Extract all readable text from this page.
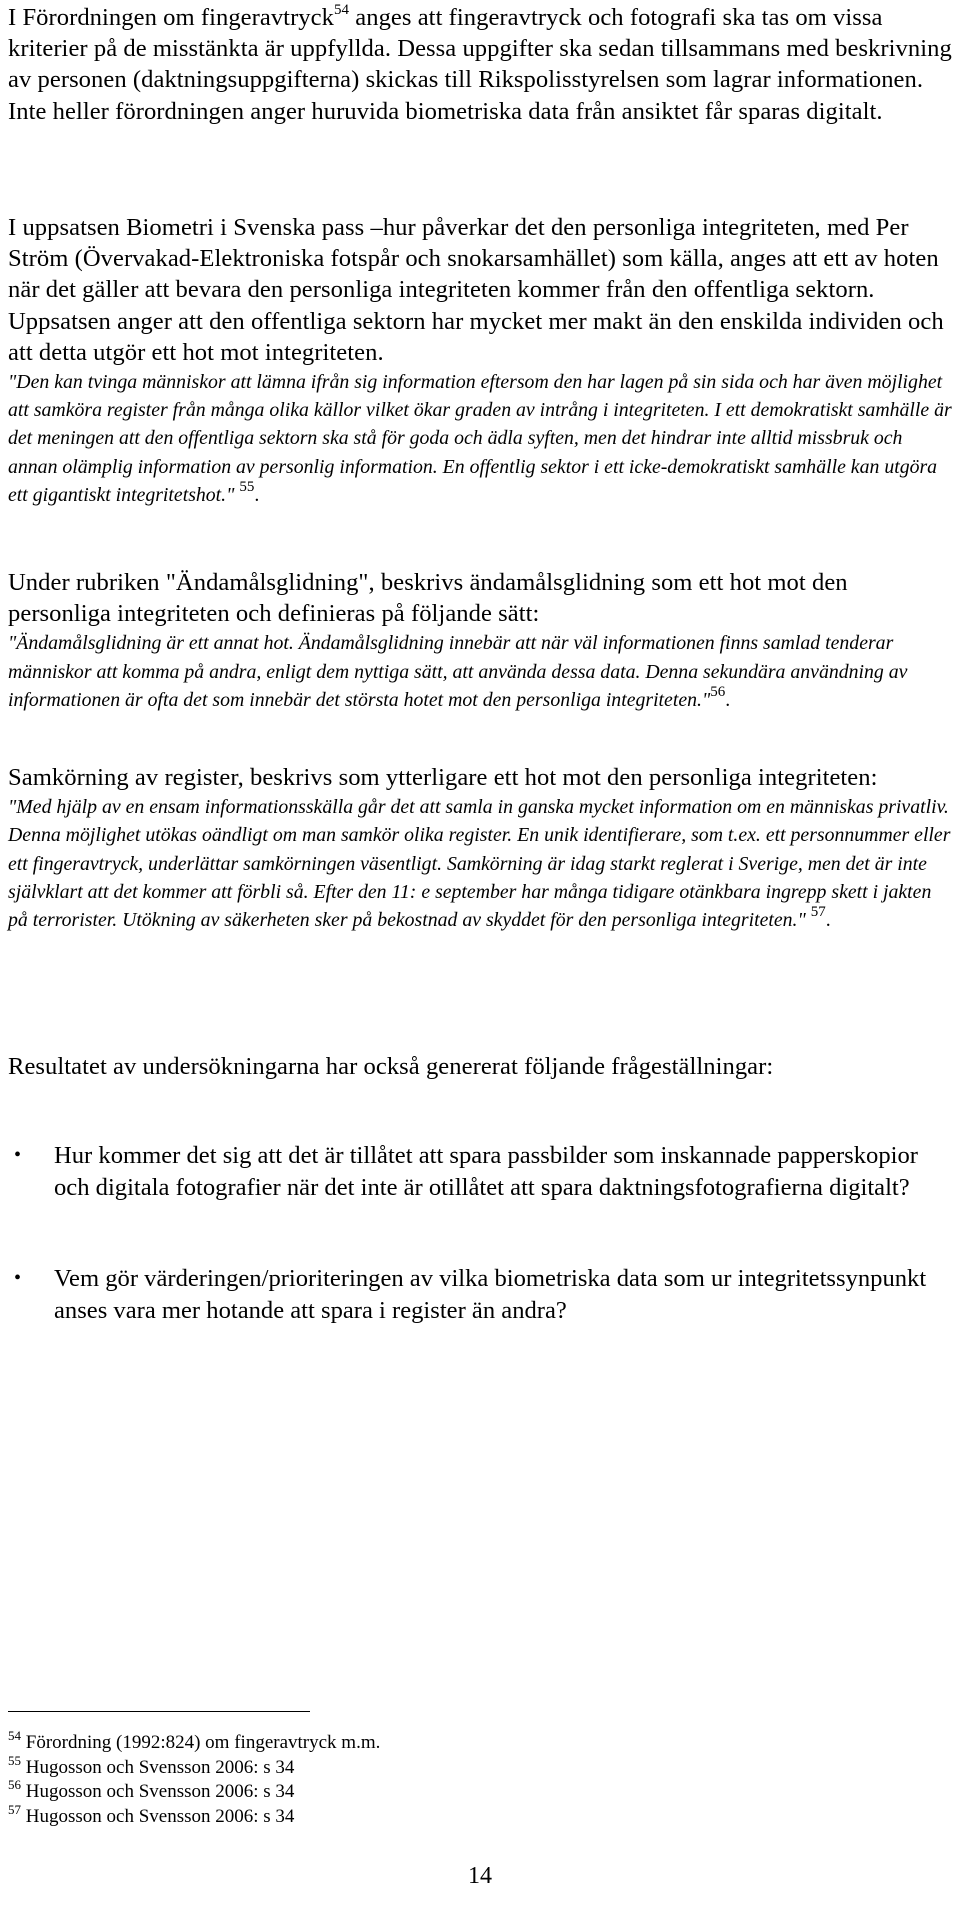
I Förordningen om fingeravtryck$^{54}$ anges att fingeravtryck och fotografi ska tas om vissa kriterier på de misstänkta är uppfyllda. Dessa uppgifter ska sedan tillsammans med beskrivning av personen (daktningsuppgifterna) skickas till Rikspolisstyrelsen som lagrar informationen. Inte heller förordningen anger huruvida biometriska data från ansiktet får sparas digitalt.

I uppsatsen Biometri i Svenska pass –hur påverkar det den personliga integriteten, med Per Ström (Övervakad-Elektroniska fotspår och snokarsamhället) som källa, anges att ett av hoten när det gäller att bevara den personliga integriteten kommer från den offentliga sektorn. Uppsatsen anger att den offentliga sektorn har mycket mer makt än den enskilda individen och att detta utgör ett hot mot integriteten.

"Den kan tvinga människor att lämna ifrån sig information eftersom den har lagen på sin sida och har även möjlighet att samköra register från många olika källor vilket ökar graden av intrång i integriteten. I ett demokratiskt samhälle är det meningen att den offentliga sektorn ska stå för goda och ädla syften, men det hindrar inte alltid missbruk och annan olämplig information av personlig information. En offentlig sektor i ett icke-demokratiskt samhälle kan utgöra ett gigantiskt integritetshot." $^{55}$.

Under rubriken "Ändamålsglidning", beskrivs ändamålsglidning som ett hot mot den personliga integriteten och definieras på följande sätt:

"Ändamålsglidning är ett annat hot. Ändamålsglidning innebär att när väl informationen finns samlad tenderar människor att komma på andra, enligt dem nyttiga sätt, att använda dessa data. Denna sekundära användning av informationen är ofta det som innebär det största hotet mot den personliga integriteten."$^{56}$.

Samkörning av register, beskrivs som ytterligare ett hot mot den personliga integriteten:

"Med hjälp av en ensam informationsskälla går det att samla in ganska mycket information om en människas privatliv. Denna möjlighet utökas oändligt om man samkör olika register. En unik identifierare, som t.ex. ett personnummer eller ett fingeravtryck, underlättar samkörningen väsentligt. Samkörning är idag starkt reglerat i Sverige, men det är inte självklart att det kommer att förbli så. Efter den 11: e september har många tidigare otänkbara ingrepp skett i jakten på terrorister. Utökning av säkerheten sker på bekostnad av skyddet för den personliga integriteten." $^{57}$.

Resultatet av undersökningarna har också genererat följande frågeställningar:

• Hur kommer det sig att det är tillåtet att spara passbilder som inskannade papperskopior och digitala fotografier när det inte är otillåtet att spara daktningsfotografierna digitalt?
• Vem gör värderingen/prioriteringen av vilka biometriska data som ur integritetssynpunkt anses vara mer hotande att spara i register än andra?
$^{54}$ Förordning (1992:824) om fingeravtryck m.m.
$^{55}$ Hugosson och Svensson 2006: s 34
$^{56}$ Hugosson och Svensson 2006: s 34
$^{57}$ Hugosson och Svensson 2006: s 34
14
